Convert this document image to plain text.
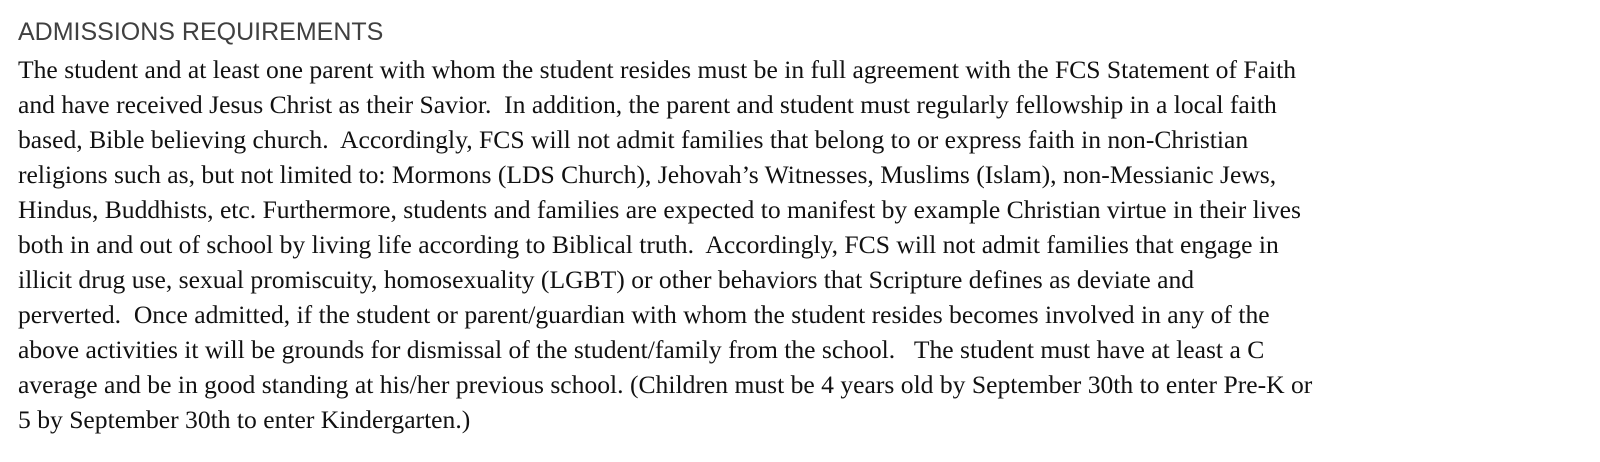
ADMISSIONS REQUIREMENTS

The student and at least one parent with whom the student resides must be in full agreement with the FCS Statement of Faith
and have received Jesus Christ as their Savior.  In addition, the parent and student must regularly fellowship in a local faith
based, Bible believing church.  Accordingly, FCS will not admit families that belong to or express faith in non-Christian
religions such as, but not limited to: Mormons (LDS Church), Jehovah’s Witnesses, Muslims (Islam), non-Messianic Jews,
Hindus, Buddhists, etc. Furthermore, students and families are expected to manifest by example Christian virtue in their lives
both in and out of school by living life according to Biblical truth.  Accordingly, FCS will not admit families that engage in
illicit drug use, sexual promiscuity, homosexuality (LGBT) or other behaviors that Scripture defines as deviate and
perverted.  Once admitted, if the student or parent/guardian with whom the student resides becomes involved in any of the
above activities it will be grounds for dismissal of the student/family from the school.   The student must have at least a C
average and be in good standing at his/her previous school. (Children must be 4 years old by September 30th to enter Pre-K or
5 by September 30th to enter Kindergarten.)
